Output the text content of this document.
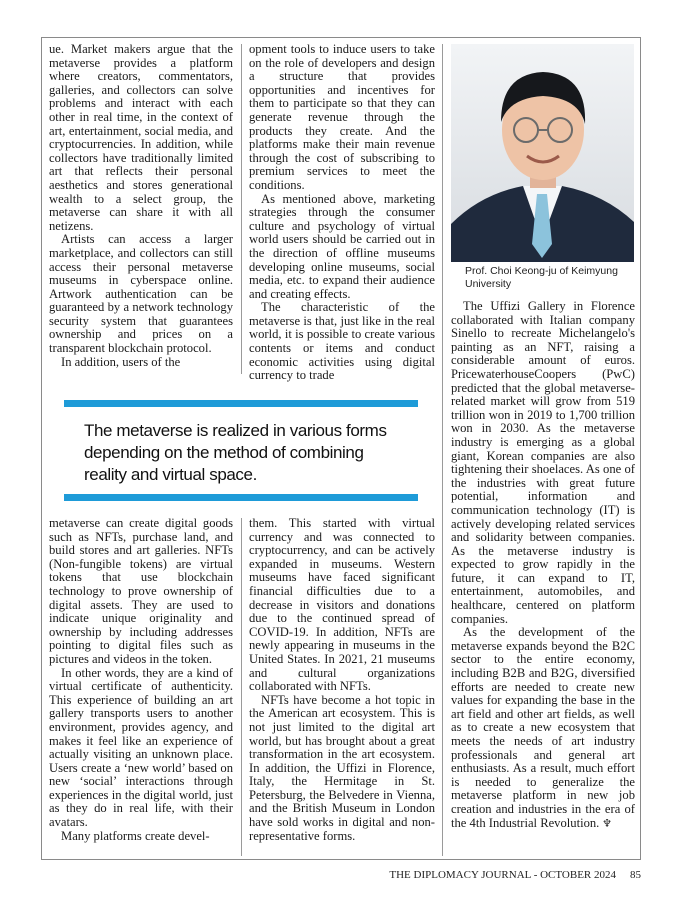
ue. Market makers argue that the metaverse provides a platform where creators, commentators, galleries, and collectors can solve problems and interact with each other in real time, in the context of art, entertainment, social media, and cryptocurrencies. In addition, while collectors have traditionally limited art that reflects their personal aesthetics and stores generational wealth to a select group, the metaverse can share it with all netizens.

Artists can access a larger marketplace, and collectors can still access their personal metaverse museums in cyberspace online. Artwork authentication can be guaranteed by a network technology security system that guarantees ownership and prices on a transparent blockchain protocol.

In addition, users of the

opment tools to induce users to take on the role of developers and design a structure that provides opportunities and incentives for them to participate so that they can generate revenue through the products they create. And the platforms make their main revenue through the cost of subscribing to premium services to meet the conditions.

As mentioned above, marketing strategies through the consumer culture and psychology of virtual world users should be carried out in the direction of offline museums developing online museums, social media, etc. to expand their audience and creating effects.

The characteristic of the metaverse is that, just like in the real world, it is possible to create various contents or items and conduct economic activities using digital currency to trade

The metaverse is realized in various forms depending on the method of combining reality and virtual space.

metaverse can create digital goods such as NFTs, purchase land, and build stores and art galleries. NFTs (Non-fungible tokens) are virtual tokens that use blockchain technology to prove ownership of digital assets. They are used to indicate unique originality and ownership by including addresses pointing to digital files such as pictures and videos in the token.

In other words, they are a kind of virtual certificate of authenticity. This experience of building an art gallery transports users to another environment, provides agency, and makes it feel like an experience of actually visiting an unknown place. Users create a ‘new world’ based on new ‘social’ interactions through experiences in the digital world, just as they do in real life, with their avatars.

Many platforms create devel-

them. This started with virtual currency and was connected to cryptocurrency, and can be actively expanded in museums. Western museums have faced significant financial difficulties due to a decrease in visitors and donations due to the continued spread of COVID-19. In addition, NFTs are newly appearing in museums in the United States. In 2021, 21 museums and cultural organizations collaborated with NFTs.

NFTs have become a hot topic in the American art ecosystem. This is not just limited to the digital art world, but has brought about a great transformation in the art ecosystem. In addition, the Uffizi in Florence, Italy, the Hermitage in St. Petersburg, the Belvedere in Vienna, and the British Museum in London have sold works in digital and non-representative forms.

Prof. Choi Keong-ju of Keimyung University

The Uffizi Gallery in Florence collaborated with Italian company Sinello to recreate Michelangelo's painting as an NFT, raising a considerable amount of euros. PricewaterhouseCoopers (PwC) predicted that the global metaverse-related market will grow from 519 trillion won in 2019 to 1,700 trillion won in 2030. As the metaverse industry is emerging as a global giant, Korean companies are also tightening their shoelaces. As one of the industries with great future potential, information and communication technology (IT) is actively developing related services and solidarity between companies. As the metaverse industry is expected to grow rapidly in the future, it can expand to IT, entertainment, automobiles, and healthcare, centered on platform companies.

As the development of the metaverse expands beyond the B2C sector to the entire economy, including B2B and B2G, diversified efforts are needed to create new values for expanding the base in the art field and other art fields, as well as to create a new ecosystem that meets the needs of art industry professionals and general art enthusiasts. As a result, much effort is needed to generalize the metaverse platform in new job creation and industries in the era of the 4th Industrial Revolution. ♆

THE DIPLOMACY JOURNAL - OCTOBER 2024 85
